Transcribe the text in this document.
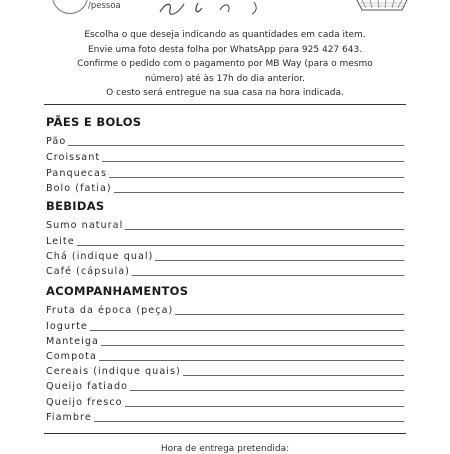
/pessoa

Escolha o que deseja indicando as quantidades em cada item.

Envie uma foto desta folha por WhatsApp para 925 427 643.

Confirme o pedido com o pagamento por MB Way (para o mesmo

número) até às 17h do dia anterior.

O cesto será entregue na sua casa na hora indicada.

PÃES E BOLOS
Pão
Croissant
Panquecas
Bolo (fatia)
BEBIDAS
Sumo natural
Leite
Chá (indique qual)
Café (cápsula)
ACOMPANHAMENTOS
Fruta da época (peça)
Iogurte
Manteiga
Compota
Cereais (indique quais)
Queijo fatiado
Queijo fresco
Fiambre
Hora de entrega pretendida:
